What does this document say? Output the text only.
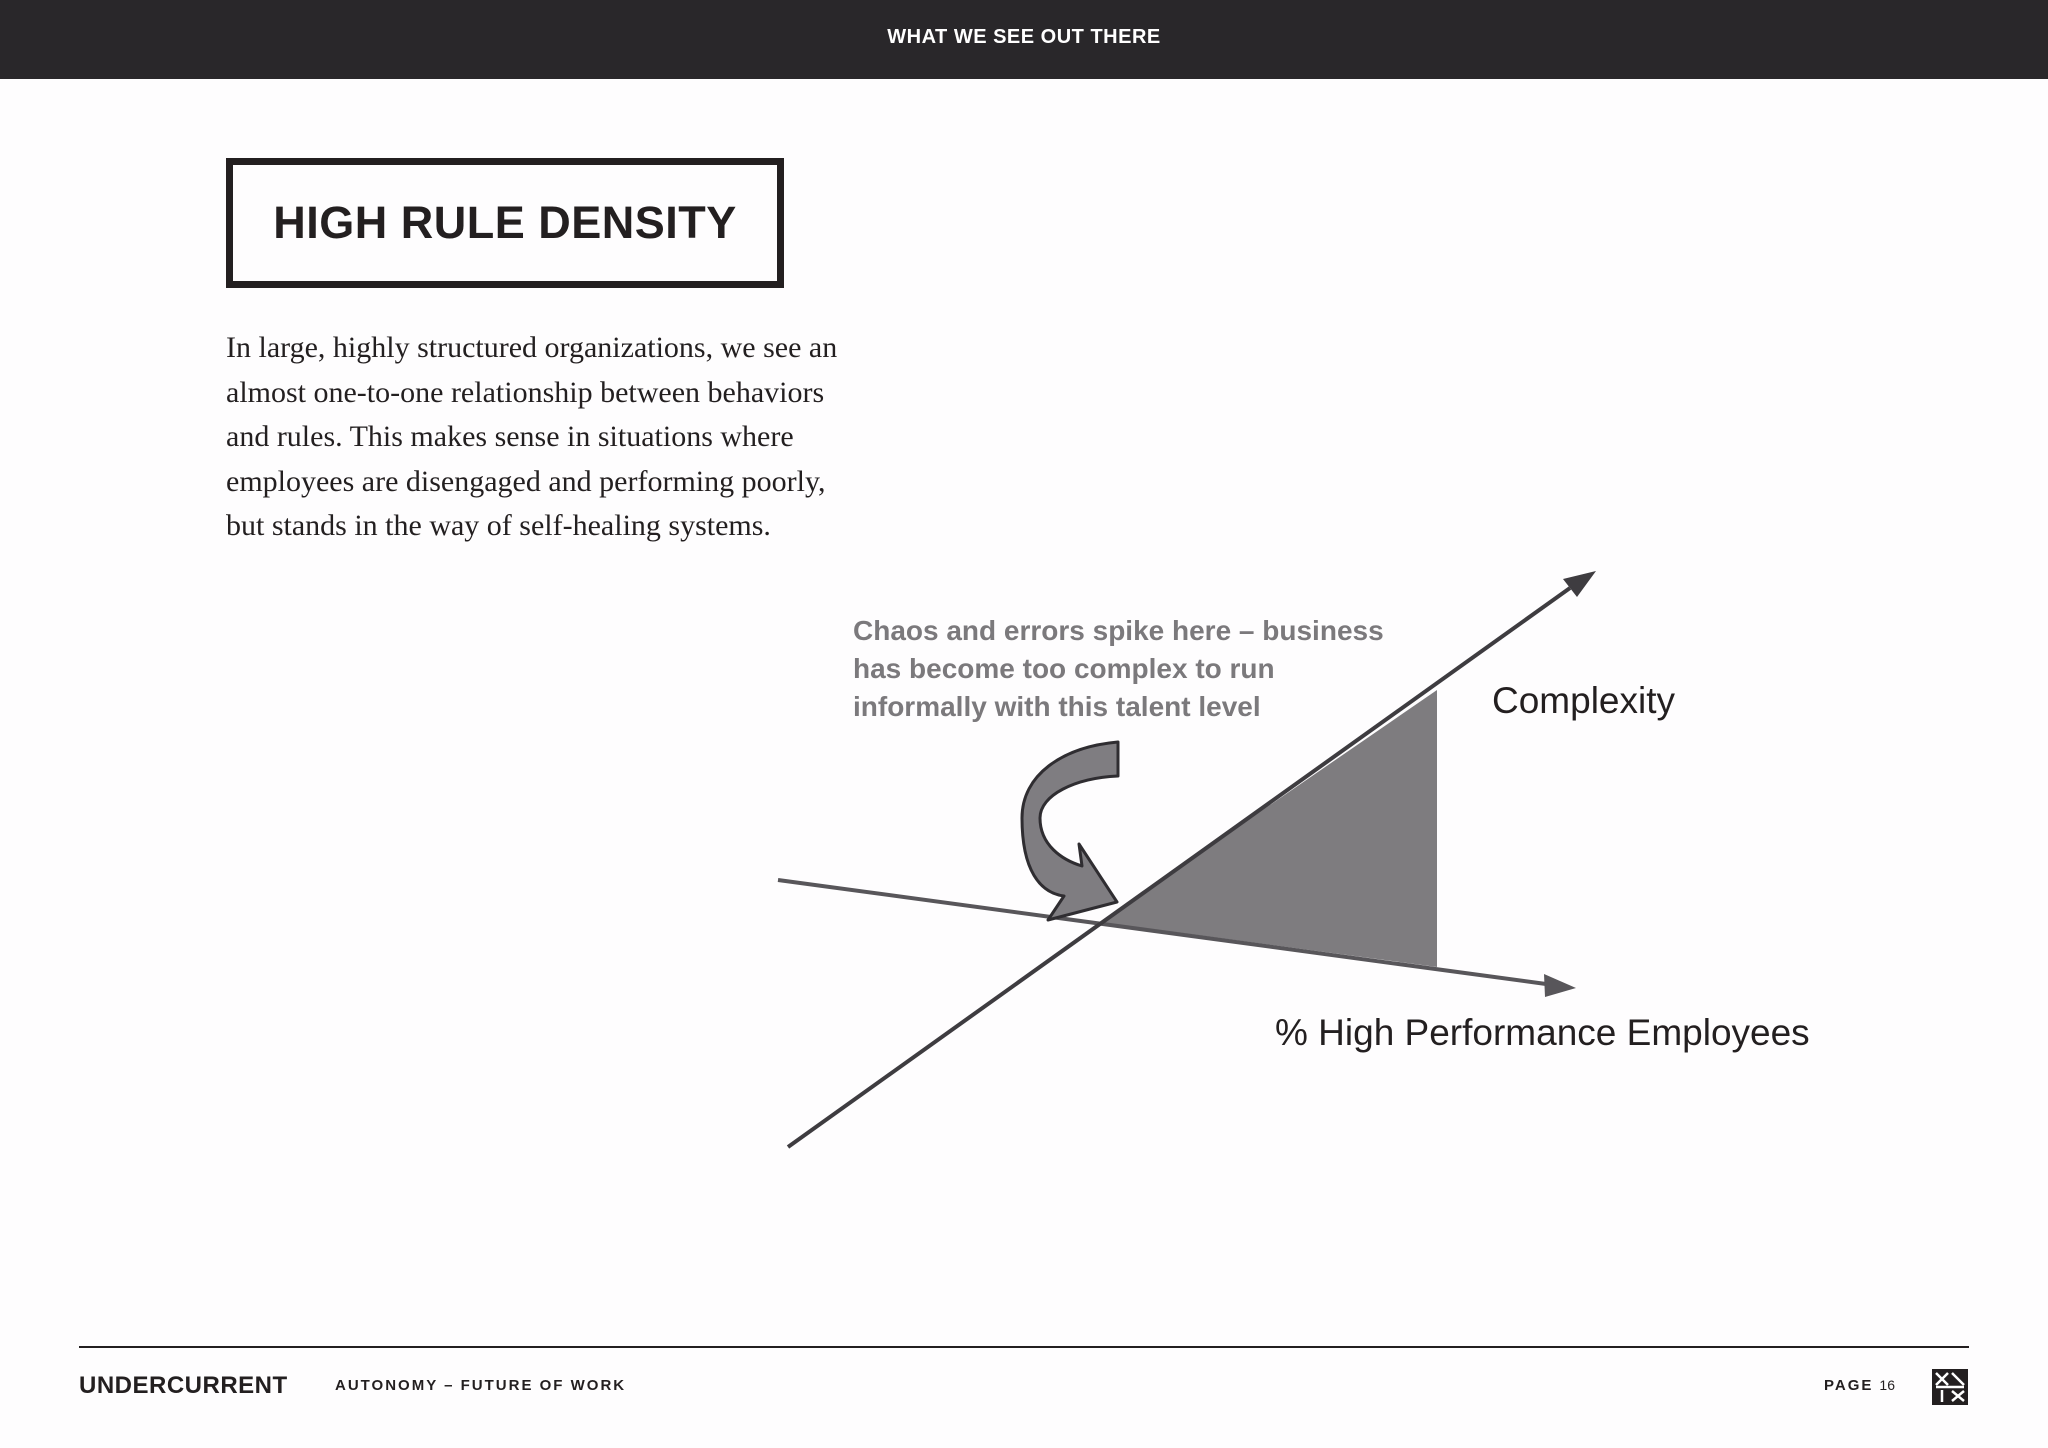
WHAT WE SEE OUT THERE
HIGH RULE DENSITY

In large, highly structured organizations, we see an
almost one-to-one relationship between behaviors
and rules. This makes sense in situations where
employees are disengaged and performing poorly,
but stands in the way of self-healing systems.

Chaos and errors spike here – business has become too complex to run informally with this talent level	Complexity
% High Performance Employees
UNDERCURRENT	AUTONOMY – FUTURE OF WORK	PAGE 16
